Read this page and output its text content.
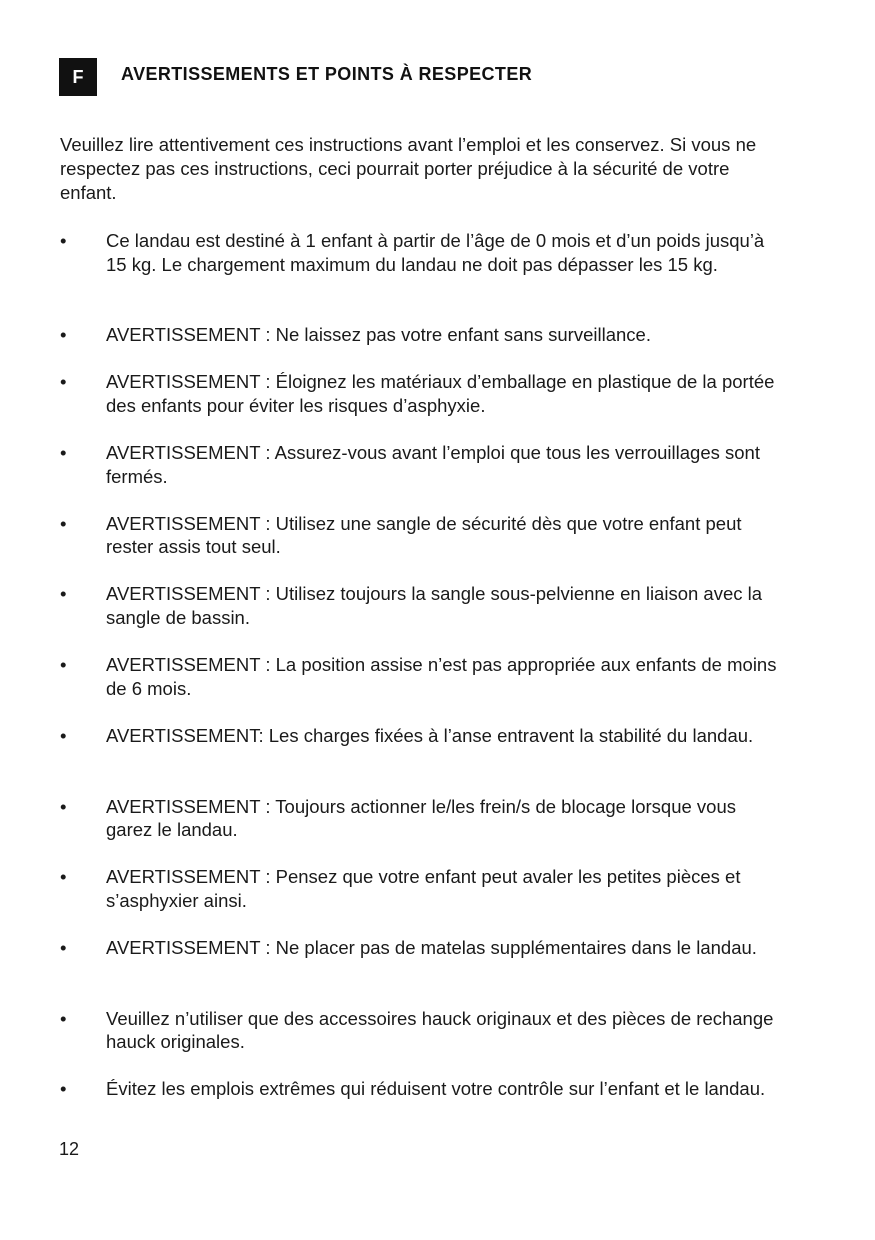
F	AVERTISSEMENTS ET POINTS À RESPECTER

Veuillez lire attentivement ces instructions avant l’emploi et les conservez. Si vous ne respectez pas ces instructions, ceci pourrait porter préjudice à la sécurité de votre enfant.

• Ce landau est destiné à 1 enfant à partir de l’âge de 0 mois et d’un poids jusqu’à 15 kg. Le chargement maximum du landau ne doit pas dépasser les 15 kg.
• AVERTISSEMENT : Ne laissez pas votre enfant sans surveillance.
• AVERTISSEMENT : Éloignez les matériaux d’emballage en plastique de la portée des enfants pour éviter les risques d’asphyxie.
• AVERTISSEMENT : Assurez-vous avant l’emploi que tous les verrouillages sont fermés.
• AVERTISSEMENT : Utilisez une sangle de sécurité dès que votre enfant peut rester assis tout seul.
• AVERTISSEMENT : Utilisez toujours la sangle sous-pelvienne en liaison avec la sangle de bassin.
• AVERTISSEMENT : La position assise n’est pas appropriée aux enfants de moins de 6 mois.
• AVERTISSEMENT: Les charges fixées à l’anse entravent la stabilité du landau.
• AVERTISSEMENT : Toujours actionner le/les frein/s de blocage lorsque vous garez le landau.
• AVERTISSEMENT : Pensez que votre enfant peut avaler les petites pièces et s’asphyxier ainsi.
• AVERTISSEMENT : Ne placer pas de matelas supplémentaires dans le landau.
• Veuillez n’utiliser que des accessoires hauck originaux et des pièces de rechange hauck originales.
• Évitez les emplois extrêmes qui réduisent votre contrôle sur l’enfant et le landau.
12
